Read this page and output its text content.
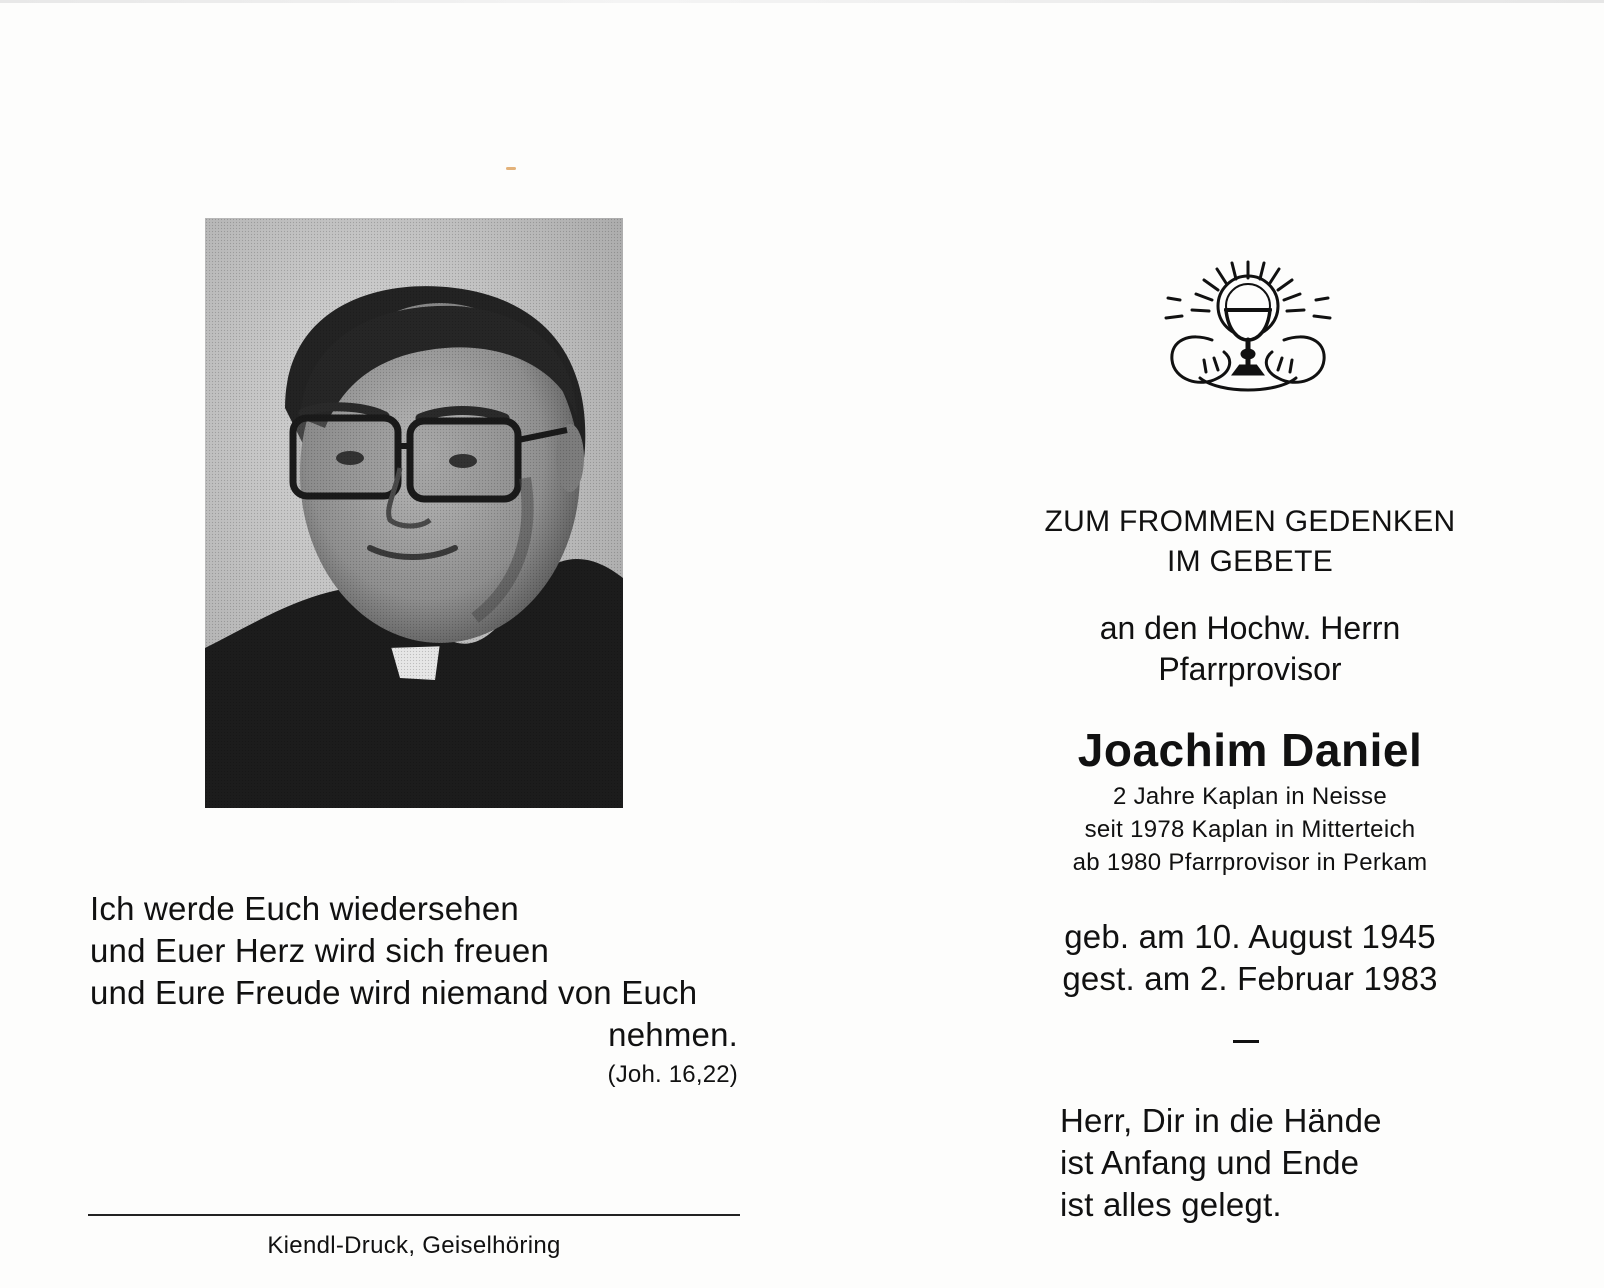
Ich werde Euch wiedersehen
und Euer Herz wird sich freuen
und Eure Freude wird niemand von Euch
nehmen.
(Joh. 16,22)
Kiendl-Druck, Geiselhöring
ZUM FROMMEN GEDENKEN
IM GEBETE
an den Hochw. Herrn
Pfarrprovisor
Joachim Daniel
2 Jahre Kaplan in Neisse
seit 1978 Kaplan in Mitterteich
ab 1980 Pfarrprovisor in Perkam
geb. am 10. August 1945
gest. am 2. Februar 1983
Herr, Dir in die Hände
ist Anfang und Ende
ist alles gelegt.
